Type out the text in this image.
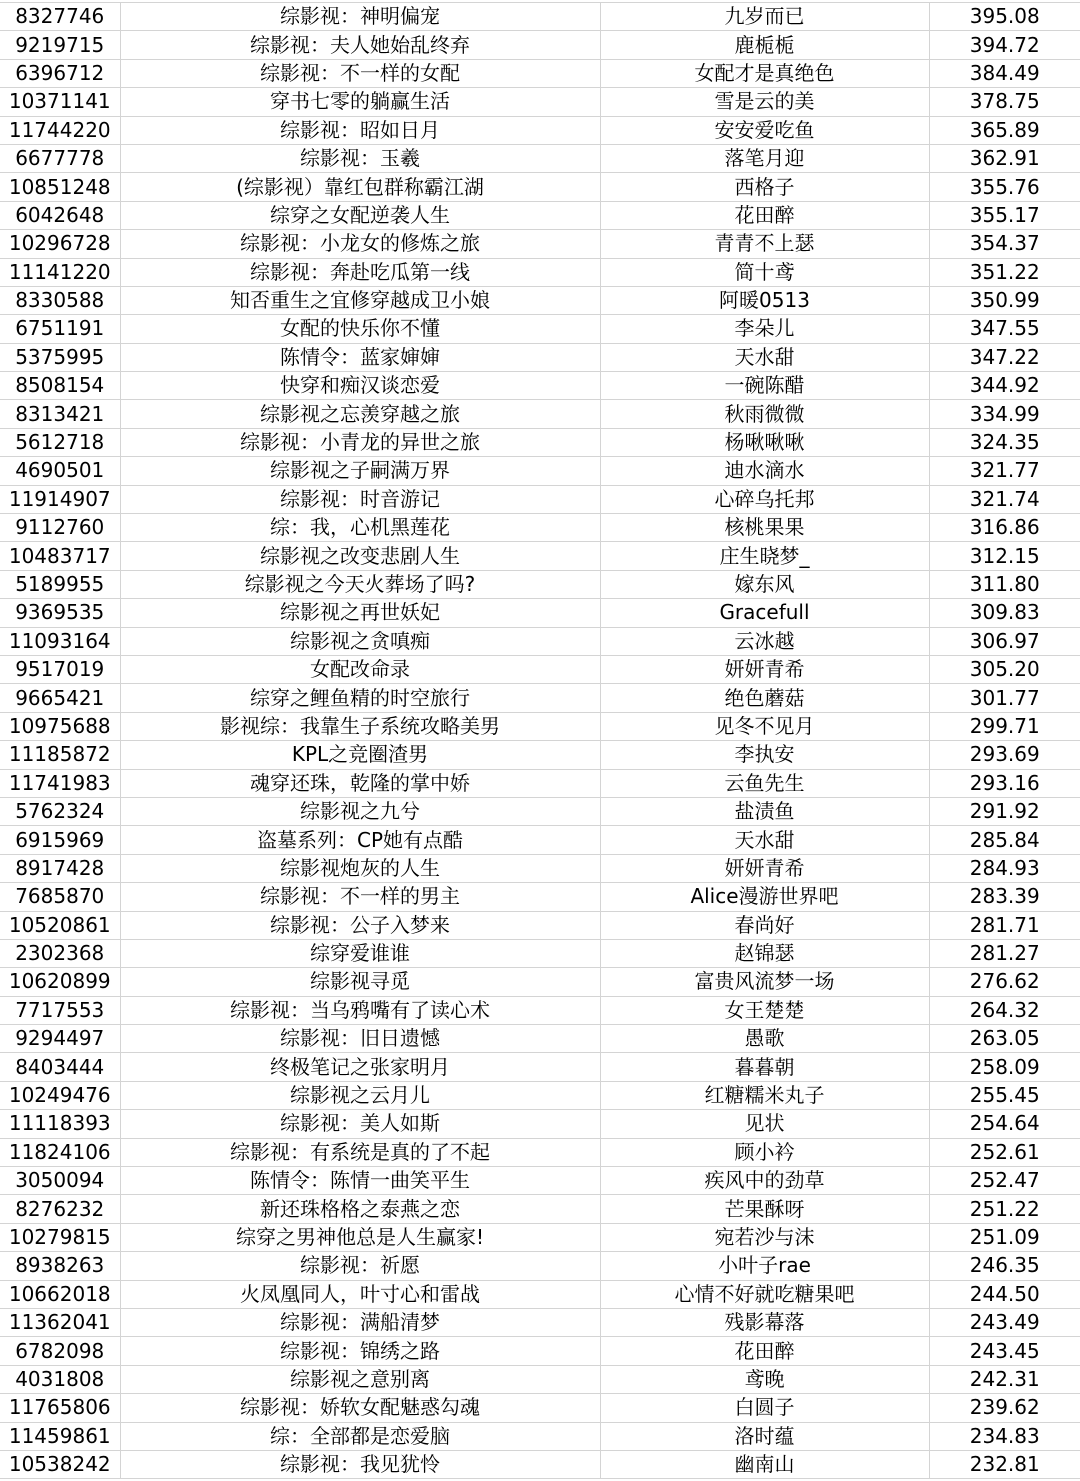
8327746	综影视：神明偏宠	九岁而已	395.08
9219715	综影视：夫人她始乱终弃	鹿栀栀	394.72
6396712	综影视：不一样的女配	女配才是真绝色	384.49
10371141	穿书七零的躺赢生活	雪是云的美	378.75
11744220	综影视：昭如日月	安安爱吃鱼	365.89
6677778	综影视：玉羲	落笔月迎	362.91
10851248	(综影视）靠红包群称霸江湖	西格子	355.76
6042648	综穿之女配逆袭人生	花田醉	355.17
10296728	综影视：小龙女的修炼之旅	青青不上瑟	354.37
11141220	综影视：奔赴吃瓜第一线	简十鸢	351.22
8330588	知否重生之宜修穿越成卫小娘	阿暖0513	350.99
6751191	女配的快乐你不懂	李朵儿	347.55
5375995	陈情令：蓝家婶婶	天水甜	347.22
8508154	快穿和痴汉谈恋爱	一碗陈醋	344.92
8313421	综影视之忘羡穿越之旅	秋雨微微	334.99
5612718	综影视：小青龙的异世之旅	杨啾啾啾	324.35
4690501	综影视之子嗣满万界	迪水滴水	321.77
11914907	综影视：时音游记	心碎乌托邦	321.74
9112760	综：我，心机黑莲花	核桃果果	316.86
10483717	综影视之改变悲剧人生	庄生晓梦_	312.15
5189955	综影视之今天火葬场了吗?	嫁东风	311.80
9369535	综影视之再世妖妃	Gracefull	309.83
11093164	综影视之贪嗔痴	云冰越	306.97
9517019	女配改命录	妍妍青希	305.20
9665421	综穿之鲤鱼精的时空旅行	绝色蘑菇	301.77
10975688	影视综：我靠生子系统攻略美男	见冬不见月	299.71
11185872	KPL之竞圈渣男	李执安	293.69
11741983	魂穿还珠，乾隆的掌中娇	云鱼先生	293.16
5762324	综影视之九兮	盐渍鱼	291.92
6915969	盗墓系列：CP她有点酷	天水甜	285.84
8917428	综影视炮灰的人生	妍妍青希	284.93
7685870	综影视：不一样的男主	Alice漫游世界吧	283.39
10520861	综影视：公子入梦来	春尚好	281.71
2302368	综穿爱谁谁	赵锦瑟	281.27
10620899	综影视寻觅	富贵风流梦一场	276.62
7717553	综影视：当乌鸦嘴有了读心术	女王楚楚	264.32
9294497	综影视：旧日遗憾	愚歌	263.05
8403444	终极笔记之张家明月	暮暮朝	258.09
10249476	综影视之云月儿	红糖糯米丸子	255.45
11118393	综影视：美人如斯	见状	254.64
11824106	综影视：有系统是真的了不起	顾小衿	252.61
3050094	陈情令：陈情一曲笑平生	疾风中的劲草	252.47
8276232	新还珠格格之泰燕之恋	芒果酥呀	251.22
10279815	综穿之男神他总是人生赢家!	宛若沙与沫	251.09
8938263	综影视：祈愿	小叶子rae	246.35
10662018	火凤凰同人，叶寸心和雷战	心情不好就吃糖果吧	244.50
11362041	综影视：满船清梦	残影幕落	243.49
6782098	综影视：锦绣之路	花田醉	243.45
4031808	综影视之意别离	鸢晚	242.31
11765806	综影视：娇软女配魅惑勾魂	白圆子	239.62
11459861	综：全部都是恋爱脑	洛时蕴	234.83
10538242	综影视：我见犹怜	幽南山	232.81
